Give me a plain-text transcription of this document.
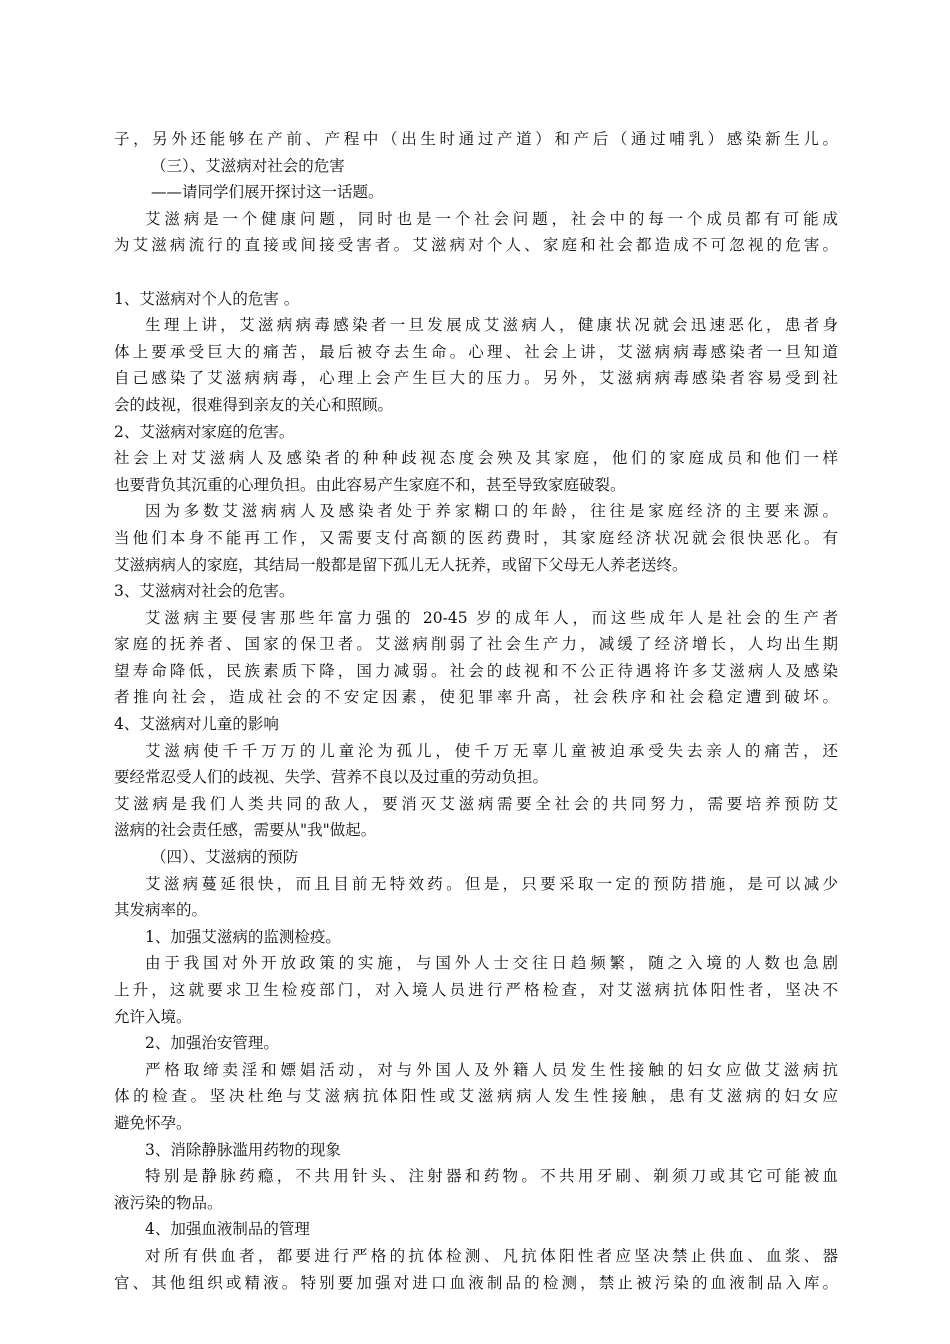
子，另外还能够在产前、产程中（出生时通过产道）和产后（通过哺乳）感染新生儿。
（三）、艾滋病对社会的危害
——请同学们展开探讨这一话题。
艾滋病是一个健康问题，同时也是一个社会问题，社会中的每一个成员都有可能成
为艾滋病流行的直接或间接受害者。艾滋病对个人、家庭和社会都造成不可忽视的危害。
1、艾滋病对个人的危害 。
生理上讲，艾滋病病毒感染者一旦发展成艾滋病人，健康状况就会迅速恶化，患者身
体上要承受巨大的痛苦，最后被夺去生命。心理、社会上讲，艾滋病病毒感染者一旦知道
自己感染了艾滋病病毒，心理上会产生巨大的压力。另外，艾滋病病毒感染者容易受到社
会的歧视，很难得到亲友的关心和照顾。
2、艾滋病对家庭的危害。
社会上对艾滋病人及感染者的种种歧视态度会殃及其家庭，他们的家庭成员和他们一样
也要背负其沉重的心理负担。由此容易产生家庭不和，甚至导致家庭破裂。
因为多数艾滋病病人及感染者处于养家糊口的年龄，往往是家庭经济的主要来源。
当他们本身不能再工作，又需要支付高额的医药费时，其家庭经济状况就会很快恶化。有
艾滋病病人的家庭，其结局一般都是留下孤儿无人抚养，或留下父母无人养老送终。
3、艾滋病对社会的危害。
艾滋病主要侵害那些年富力强的 20-45 岁的成年人，而这些成年人是社会的生产者
家庭的抚养者、国家的保卫者。艾滋病削弱了社会生产力，减缓了经济增长，人均出生期
望寿命降低，民族素质下降，国力减弱。社会的歧视和不公正待遇将许多艾滋病人及感染
者推向社会，造成社会的不安定因素，使犯罪率升高，社会秩序和社会稳定遭到破坏。
4、艾滋病对儿童的影响
艾滋病使千千万万的儿童沦为孤儿，使千万无辜儿童被迫承受失去亲人的痛苦，还
要经常忍受人们的歧视、失学、营养不良以及过重的劳动负担。
艾滋病是我们人类共同的敌人，要消灭艾滋病需要全社会的共同努力，需要培养预防艾
滋病的社会责任感，需要从"我"做起。
（四）、艾滋病的预防
艾滋病蔓延很快，而且目前无特效药。但是，只要采取一定的预防措施，是可以减少
其发病率的。
1、加强艾滋病的监测检疫。
由于我国对外开放政策的实施，与国外人士交往日趋频繁，随之入境的人数也急剧
上升，这就要求卫生检疫部门，对入境人员进行严格检查，对艾滋病抗体阳性者，坚决不
允许入境。
2、加强治安管理。
严格取缔卖淫和嫖娼活动，对与外国人及外籍人员发生性接触的妇女应做艾滋病抗
体的检查。坚决杜绝与艾滋病抗体阳性或艾滋病病人发生性接触，患有艾滋病的妇女应
避免怀孕。
3、消除静脉滥用药物的现象
特别是静脉药瘾，不共用针头、注射器和药物。不共用牙刷、剃须刀或其它可能被血
液污染的物品。
4、加强血液制品的管理
对所有供血者，都要进行严格的抗体检测、凡抗体阳性者应坚决禁止供血、血浆、器
官、其他组织或精液。特别要加强对进口血液制品的检测，禁止被污染的血液制品入库。
